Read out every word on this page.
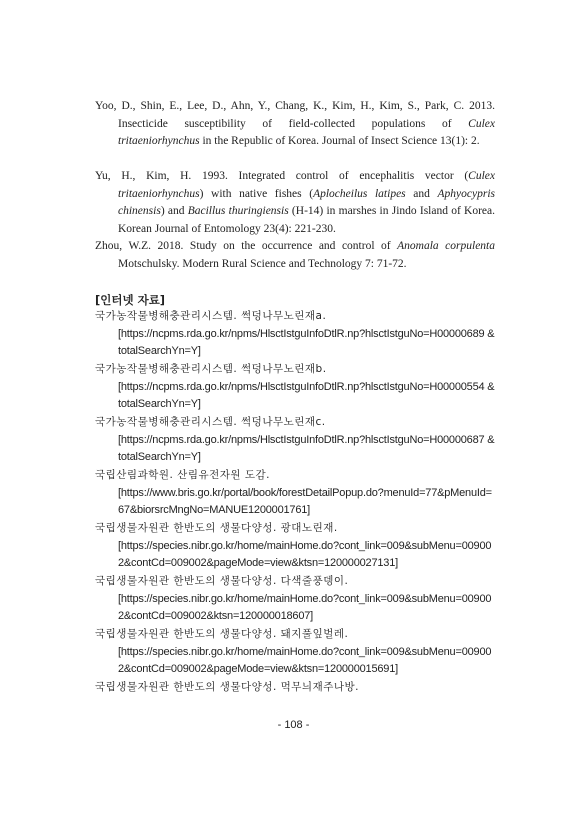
Yoo, D., Shin, E., Lee, D., Ahn, Y., Chang, K., Kim, H., Kim, S., Park, C. 2013. Insecticide susceptibility of field-collected populations of Culex tritaeniorhynchus in the Republic of Korea. Journal of Insect Science 13(1): 2.
Yu, H., Kim, H. 1993. Integrated control of encephalitis vector (Culex tritaeniorhynchus) with native fishes (Aplocheilus latipes and Aphyocypris chinensis) and Bacillus thuringiensis (H-14) in marshes in Jindo Island of Korea. Korean Journal of Entomology 23(4): 221-230.
Zhou, W.Z. 2018. Study on the occurrence and control of Anomala corpulenta Motschulsky. Modern Rural Science and Technology 7: 71-72.
[인터넷 자료]
국가농작물병해충관리시스템. 썩덩나무노린재a.
[https://ncpms.rda.go.kr/npms/HlsctIstguInfoDtlR.np?hlsctIstguNo=H00000689 &totalSearchYn=Y]
국가농작물병해충관리시스템. 썩덩나무노린재b.
[https://ncpms.rda.go.kr/npms/HlsctIstguInfoDtlR.np?hlsctIstguNo=H00000554 &totalSearchYn=Y]
국가농작물병해충관리시스템. 썩덩나무노린재c.
[https://ncpms.rda.go.kr/npms/HlsctIstguInfoDtlR.np?hlsctIstguNo=H00000687 &totalSearchYn=Y]
국립산림과학원. 산림유전자원 도감.
[https://www.bris.go.kr/portal/book/forestDetailPopup.do?menuId=77&pMenuId=67&biorsrcMngNo=MANUE1200001761]
국립생물자원관 한반도의 생물다양성. 광대노린재.
[https://species.nibr.go.kr/home/mainHome.do?cont_link=009&subMenu=009002&contCd=009002&pageMode=view&ktsn=120000027131]
국립생물자원관 한반도의 생물다양성. 다색줄풍뎅이.
[https://species.nibr.go.kr/home/mainHome.do?cont_link=009&subMenu=009002&contCd=009002&ktsn=120000018607]
국립생물자원관 한반도의 생물다양성. 돼지풀잎벌레.
[https://species.nibr.go.kr/home/mainHome.do?cont_link=009&subMenu=009002&contCd=009002&pageMode=view&ktsn=120000015691]
국립생물자원관 한반도의 생물다양성. 먹무늬재주나방.
- 108 -
